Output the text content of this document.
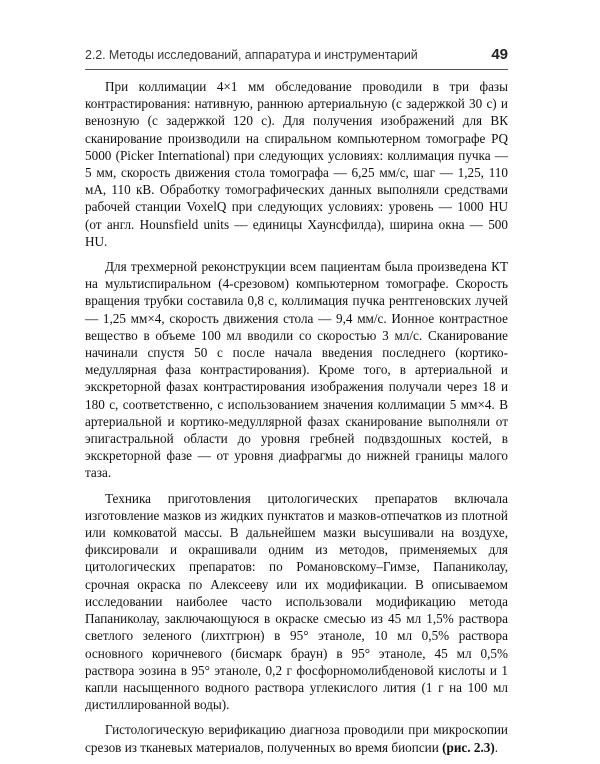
2.2. Методы исследований, аппаратура и инструментарий	49

При коллимации 4×1 мм обследование проводили в три фазы контрастирования: нативную, раннюю артериальную (с задержкой 30 с) и венозную (с задержкой 120 с). Для получения изображений для ВК сканирование производили на спиральном компьютерном томографе PQ 5000 (Picker International) при следующих условиях: коллимация пучка — 5 мм, скорость движения стола томографа — 6,25 мм/с, шаг — 1,25, 110 мА, 110 кВ. Обработку томографических данных выполняли средствами рабочей станции VoxelQ при следующих условиях: уровень — 1000 HU (от англ. Hounsfield units — единицы Хаунсфилда), ширина окна — 500 HU.

Для трехмерной реконструкции всем пациентам была произведена КТ на мультиспиральном (4-срезовом) компьютерном томографе. Скорость вращения трубки составила 0,8 с, коллимация пучка рентгеновских лучей — 1,25 мм×4, скорость движения стола — 9,4 мм/с. Ионное контрастное вещество в объеме 100 мл вводили со скоростью 3 мл/с. Сканирование начинали спустя 50 с после начала введения последнего (кортико-медуллярная фаза контрастирования). Кроме того, в артериальной и экскреторной фазах контрастирования изображения получали через 18 и 180 с, соответственно, с использованием значения коллимации 5 мм×4. В артериальной и кортико-медуллярной фазах сканирование выполняли от эпигастральной области до уровня гребней подвздошных костей, в экскреторной фазе — от уровня диафрагмы до нижней границы малого таза.

Техника приготовления цитологических препаратов включала изготовление мазков из жидких пунктатов и мазков-отпечатков из плотной или комковатой массы. В дальнейшем мазки высушивали на воздухе, фиксировали и окрашивали одним из методов, применяемых для цитологических препаратов: по Романовскому–Гимзе, Папаниколау, срочная окраска по Алексееву или их модификации. В описываемом исследовании наиболее часто использовали модификацию метода Папаниколау, заключающуюся в окраске смесью из 45 мл 1,5% раствора светлого зеленого (лихтгрюн) в 95° этаноле, 10 мл 0,5% раствора основного коричневого (бисмарк браун) в 95° этаноле, 45 мл 0,5% раствора эозина в 95° этаноле, 0,2 г фосфорномолибденовой кислоты и 1 капли насыщенного водного раствора углекислого лития (1 г на 100 мл дистиллированной воды).

Гистологическую верификацию диагноза проводили при микроскопии срезов из тканевых материалов, полученных во время биопсии (рис. 2.3).
